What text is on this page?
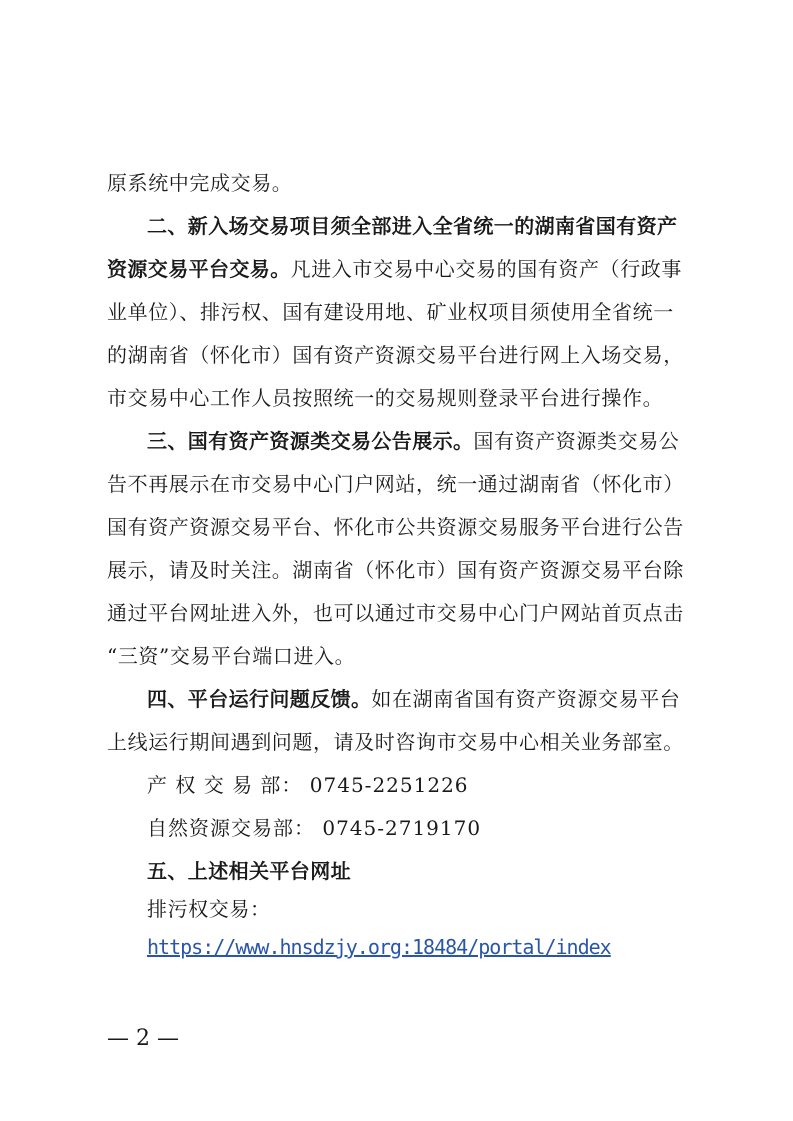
原系统中完成交易。
二、新入场交易项目须全部进入全省统一的湖南省国有资产
资源交易平台交易。凡进入市交易中心交易的国有资产（行政事
业单位）、排污权、国有建设用地、矿业权项目须使用全省统一
的湖南省（怀化市）国有资产资源交易平台进行网上入场交易，
市交易中心工作人员按照统一的交易规则登录平台进行操作。
三、国有资产资源类交易公告展示。国有资产资源类交易公
告不再展示在市交易中心门户网站，统一通过湖南省（怀化市）
国有资产资源交易平台、怀化市公共资源交易服务平台进行公告
展示，请及时关注。湖南省（怀化市）国有资产资源交易平台除
通过平台网址进入外，也可以通过市交易中心门户网站首页点击
“三资”交易平台端口进入。
四、平台运行问题反馈。如在湖南省国有资产资源交易平台
上线运行期间遇到问题，请及时咨询市交易中心相关业务部室。
产 权 交 易 部： 0745-2251226
自然资源交易部： 0745-2719170
五、上述相关平台网址
排污权交易：
https://www.hnsdzjy.org:18484/portal/index
— 2 —
